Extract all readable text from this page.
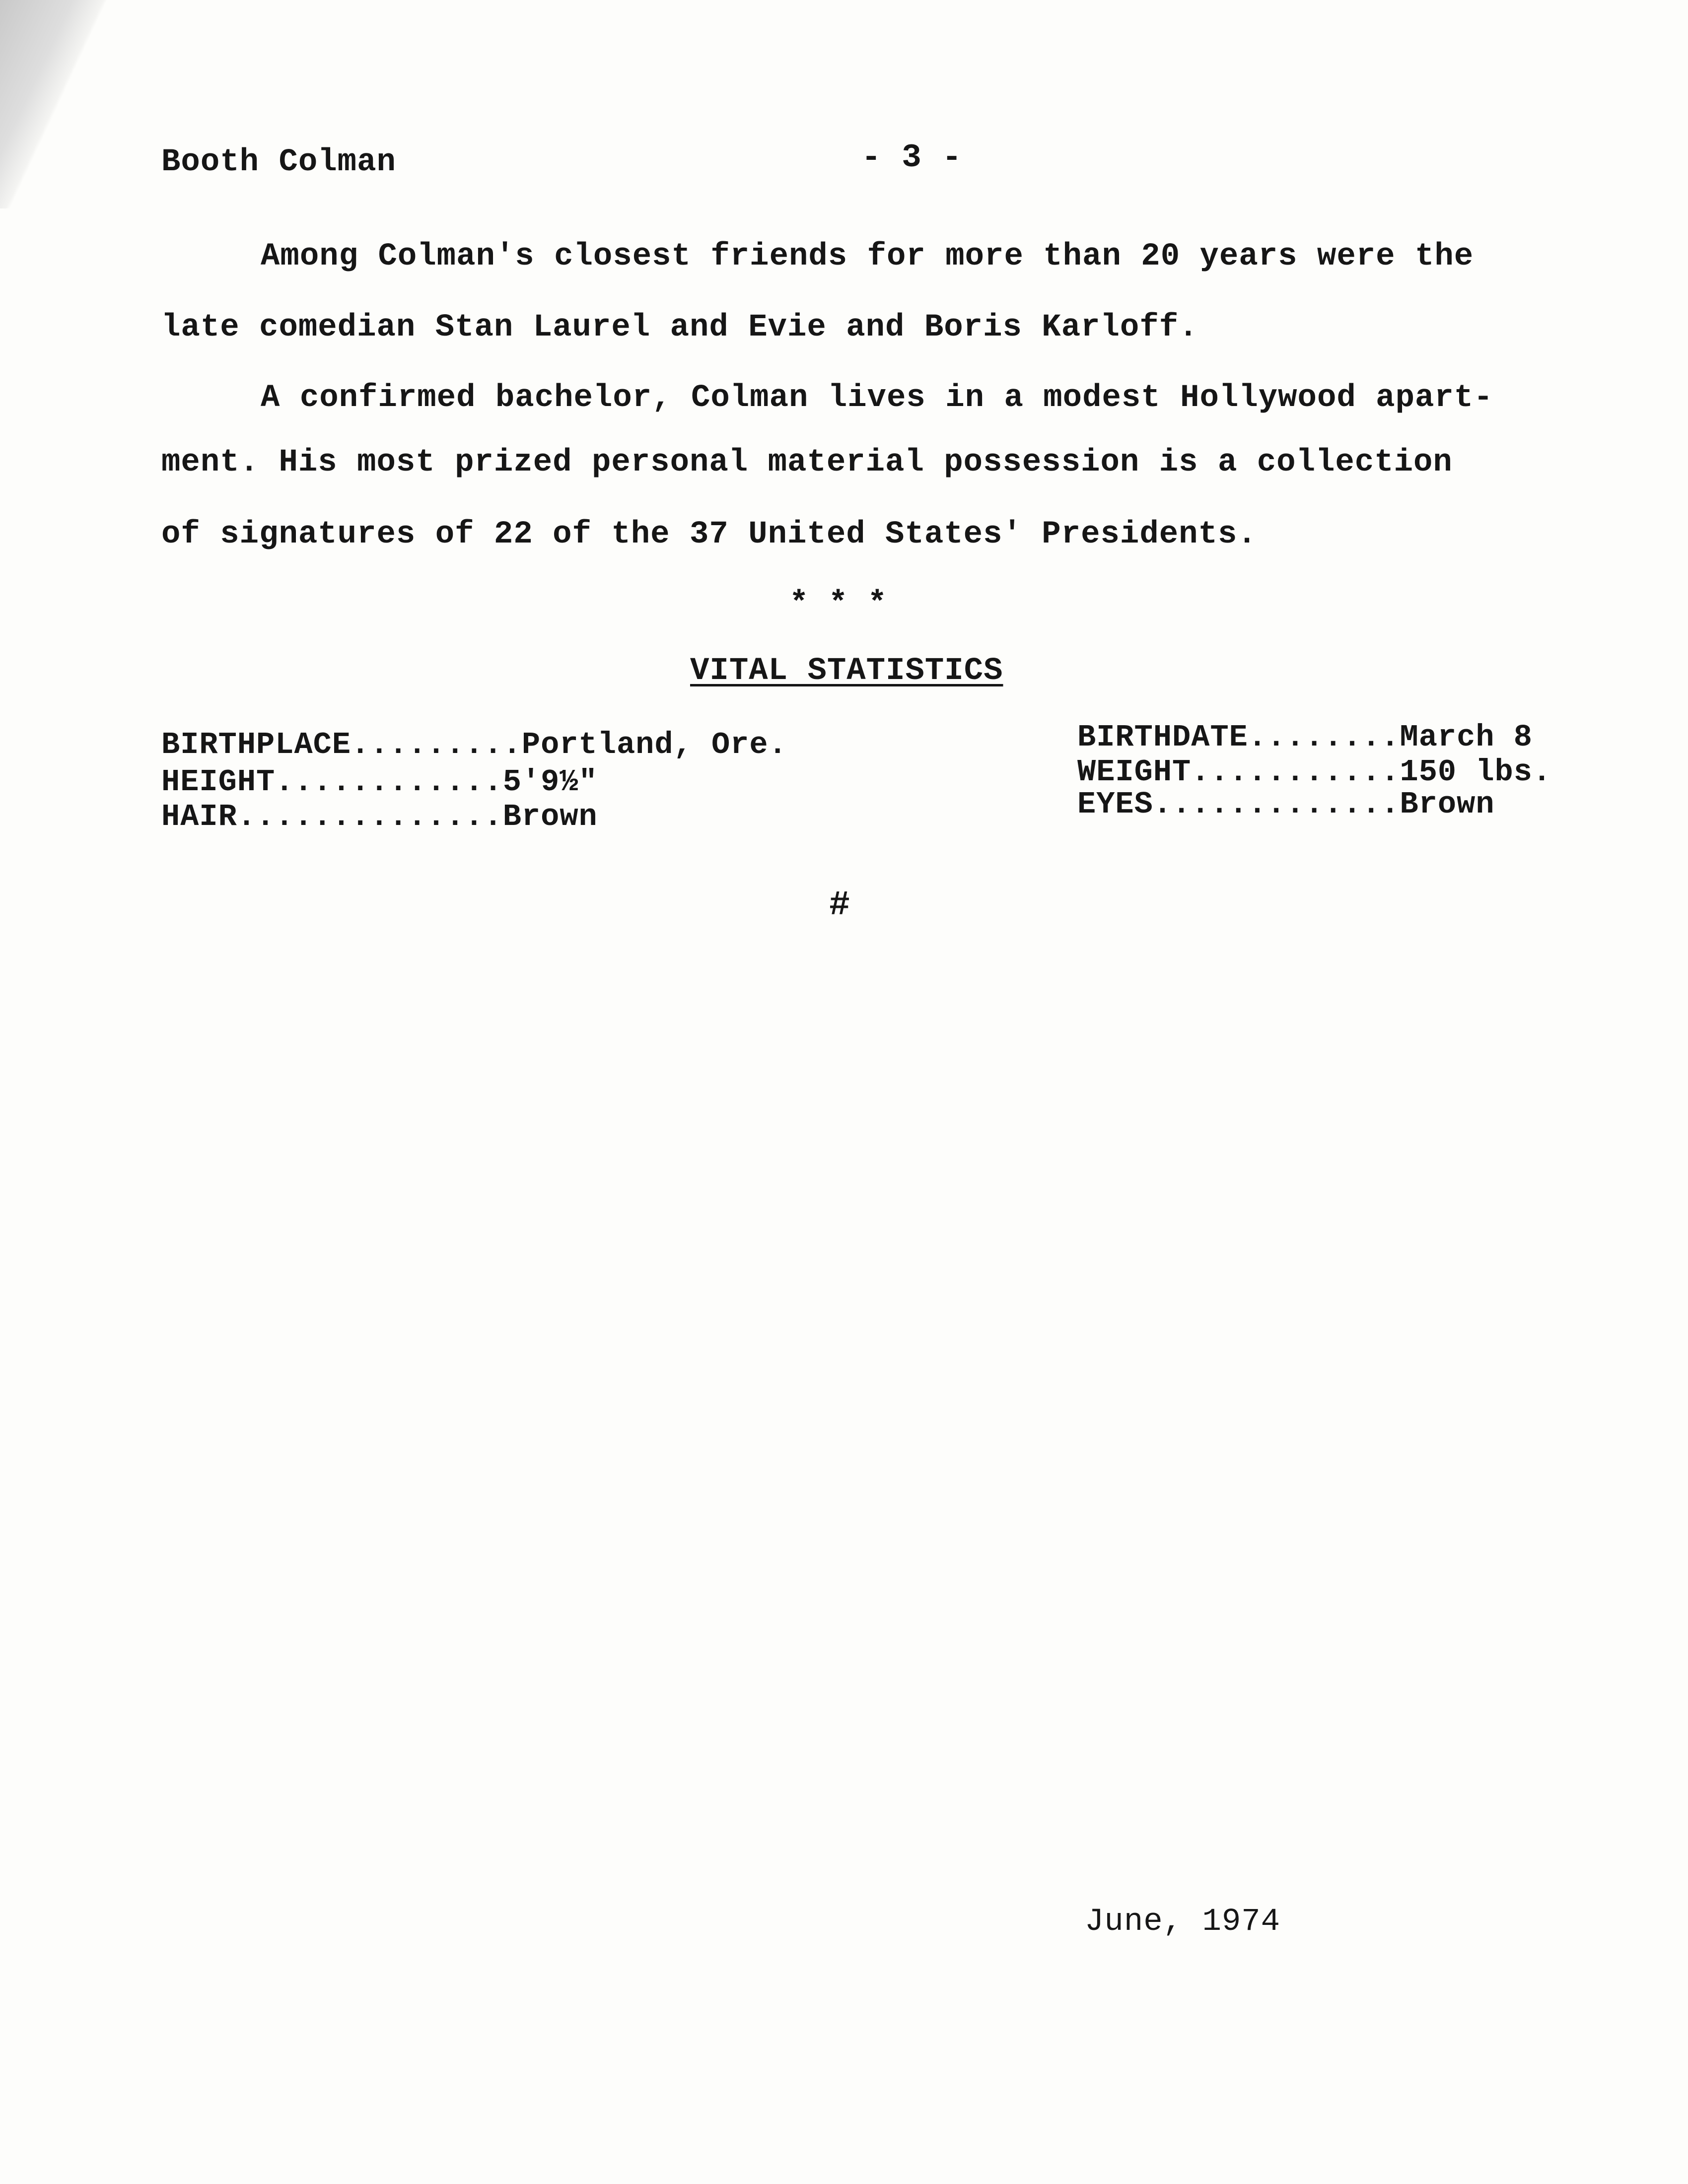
Booth Colman	- 3 -
Among Colman's closest friends for more than 20 years were the
late comedian Stan Laurel and Evie and Boris Karloff.
A confirmed bachelor, Colman lives in a modest Hollywood apart-
ment. His most prized personal material possession is a collection
of signatures of 22 of the 37 United States' Presidents.
* * *
VITAL STATISTICS
BIRTHPLACE.........Portland, Ore.
HEIGHT............5'9½"
HAIR..............Brown
BIRTHDATE........March 8
WEIGHT...........150 lbs.
EYES.............Brown
#
June, 1974
